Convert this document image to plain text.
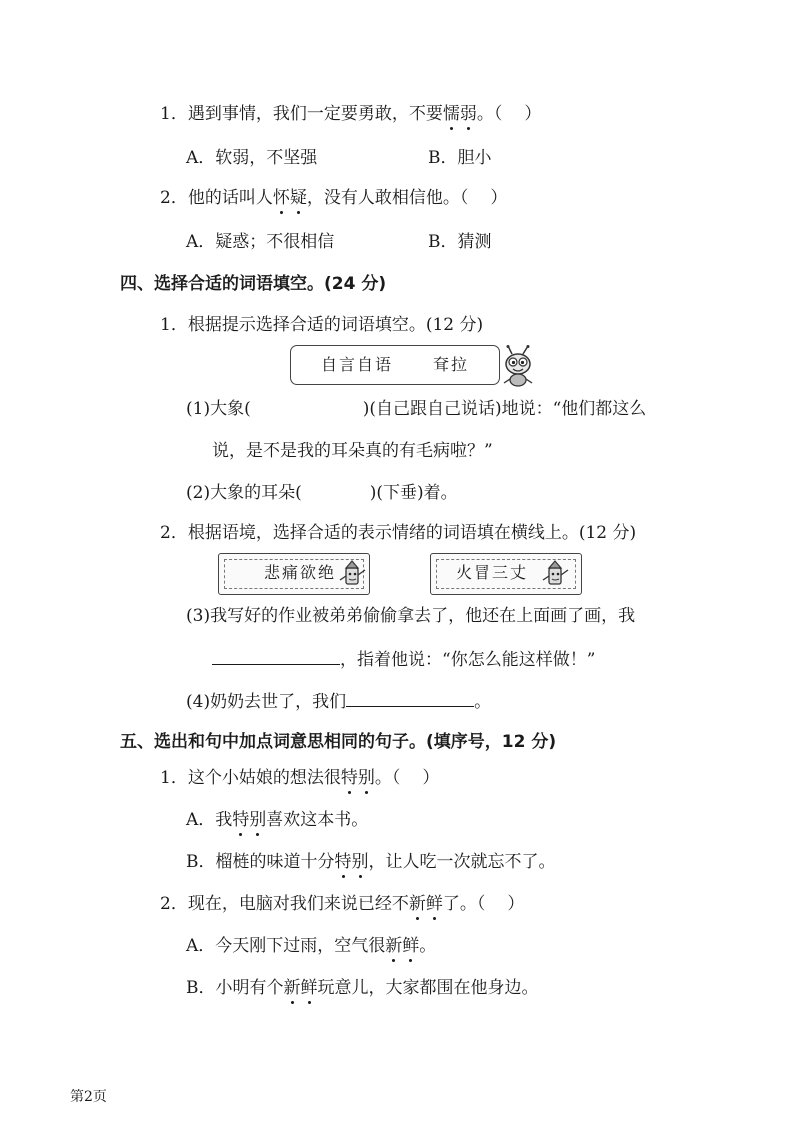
1．遇到事情，我们一定要勇敢，不要懦弱。（ ）
A．软弱，不坚强	B．胆小
2．他的话叫人怀疑，没有人敢相信他。（ ）
A．疑惑；不很相信	B．猜测
四、选择合适的词语填空。(24 分)
1．根据提示选择合适的词语填空。(12 分)
自言自语 耷拉
(1)大象(	)(自己跟自己说话)地说：“他们都这么
说，是不是我的耳朵真的有毛病啦？”
(2)大象的耳朵(	)(下垂)着。
2．根据语境，选择合适的表示情绪的词语填在横线上。(12 分)
悲痛欲绝	火冒三丈
(3)我写好的作业被弟弟偷偷拿去了，他还在上面画了画，我
，指着他说：“你怎么能这样做！”
(4)奶奶去世了，我们	。
五、选出和句中加点词意思相同的句子。(填序号，12 分)
1．这个小姑娘的想法很特别。（ ）
A．我特别喜欢这本书。
B．榴梿的味道十分特别，让人吃一次就忘不了。
2．现在，电脑对我们来说已经不新鲜了。（ ）
A．今天刚下过雨，空气很新鲜。
B．小明有个新鲜玩意儿，大家都围在他身边。
第2页
